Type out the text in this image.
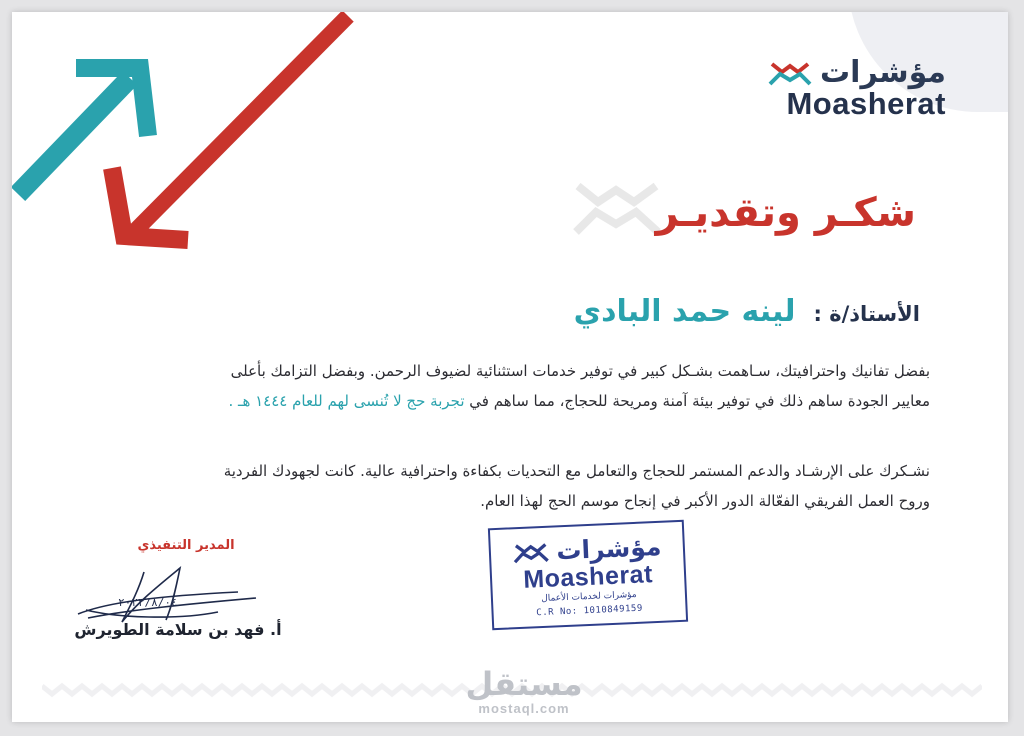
مؤشرات
Moasherat
شكـر وتقديـر
الأستاذ/ة :
لينه حمد البادي
بفضل تفانيك واحترافيتك، سـاهمت بشـكل كبير في توفير خدمات استثنائية لضيوف الرحمن. وبفضل التزامك بأعلى معايير الجودة ساهم ذلك في توفير بيئة آمنة ومريحة للحجاج، مما ساهم في تجربة حج لا تُنسى لهم للعام ١٤٤٤ هـ .
نشـكرك على الإرشـاد والدعم المستمر للحجاج والتعامل مع التحديات بكفاءة واحترافية عالية. كانت لجهودك الفردية وروح العمل الفريقي الفعّالة الدور الأكبر في إنجاح موسم الحج لهذا العام.
مؤشرات
Moasherat
مؤشرات لخدمات الأعمال
C.R No: 1010849159
المدير التنفيذي
٢٠٢٣/٨/٠٤
أ. فهد بن سلامة الطويرش
مستقل
mostaql.com
